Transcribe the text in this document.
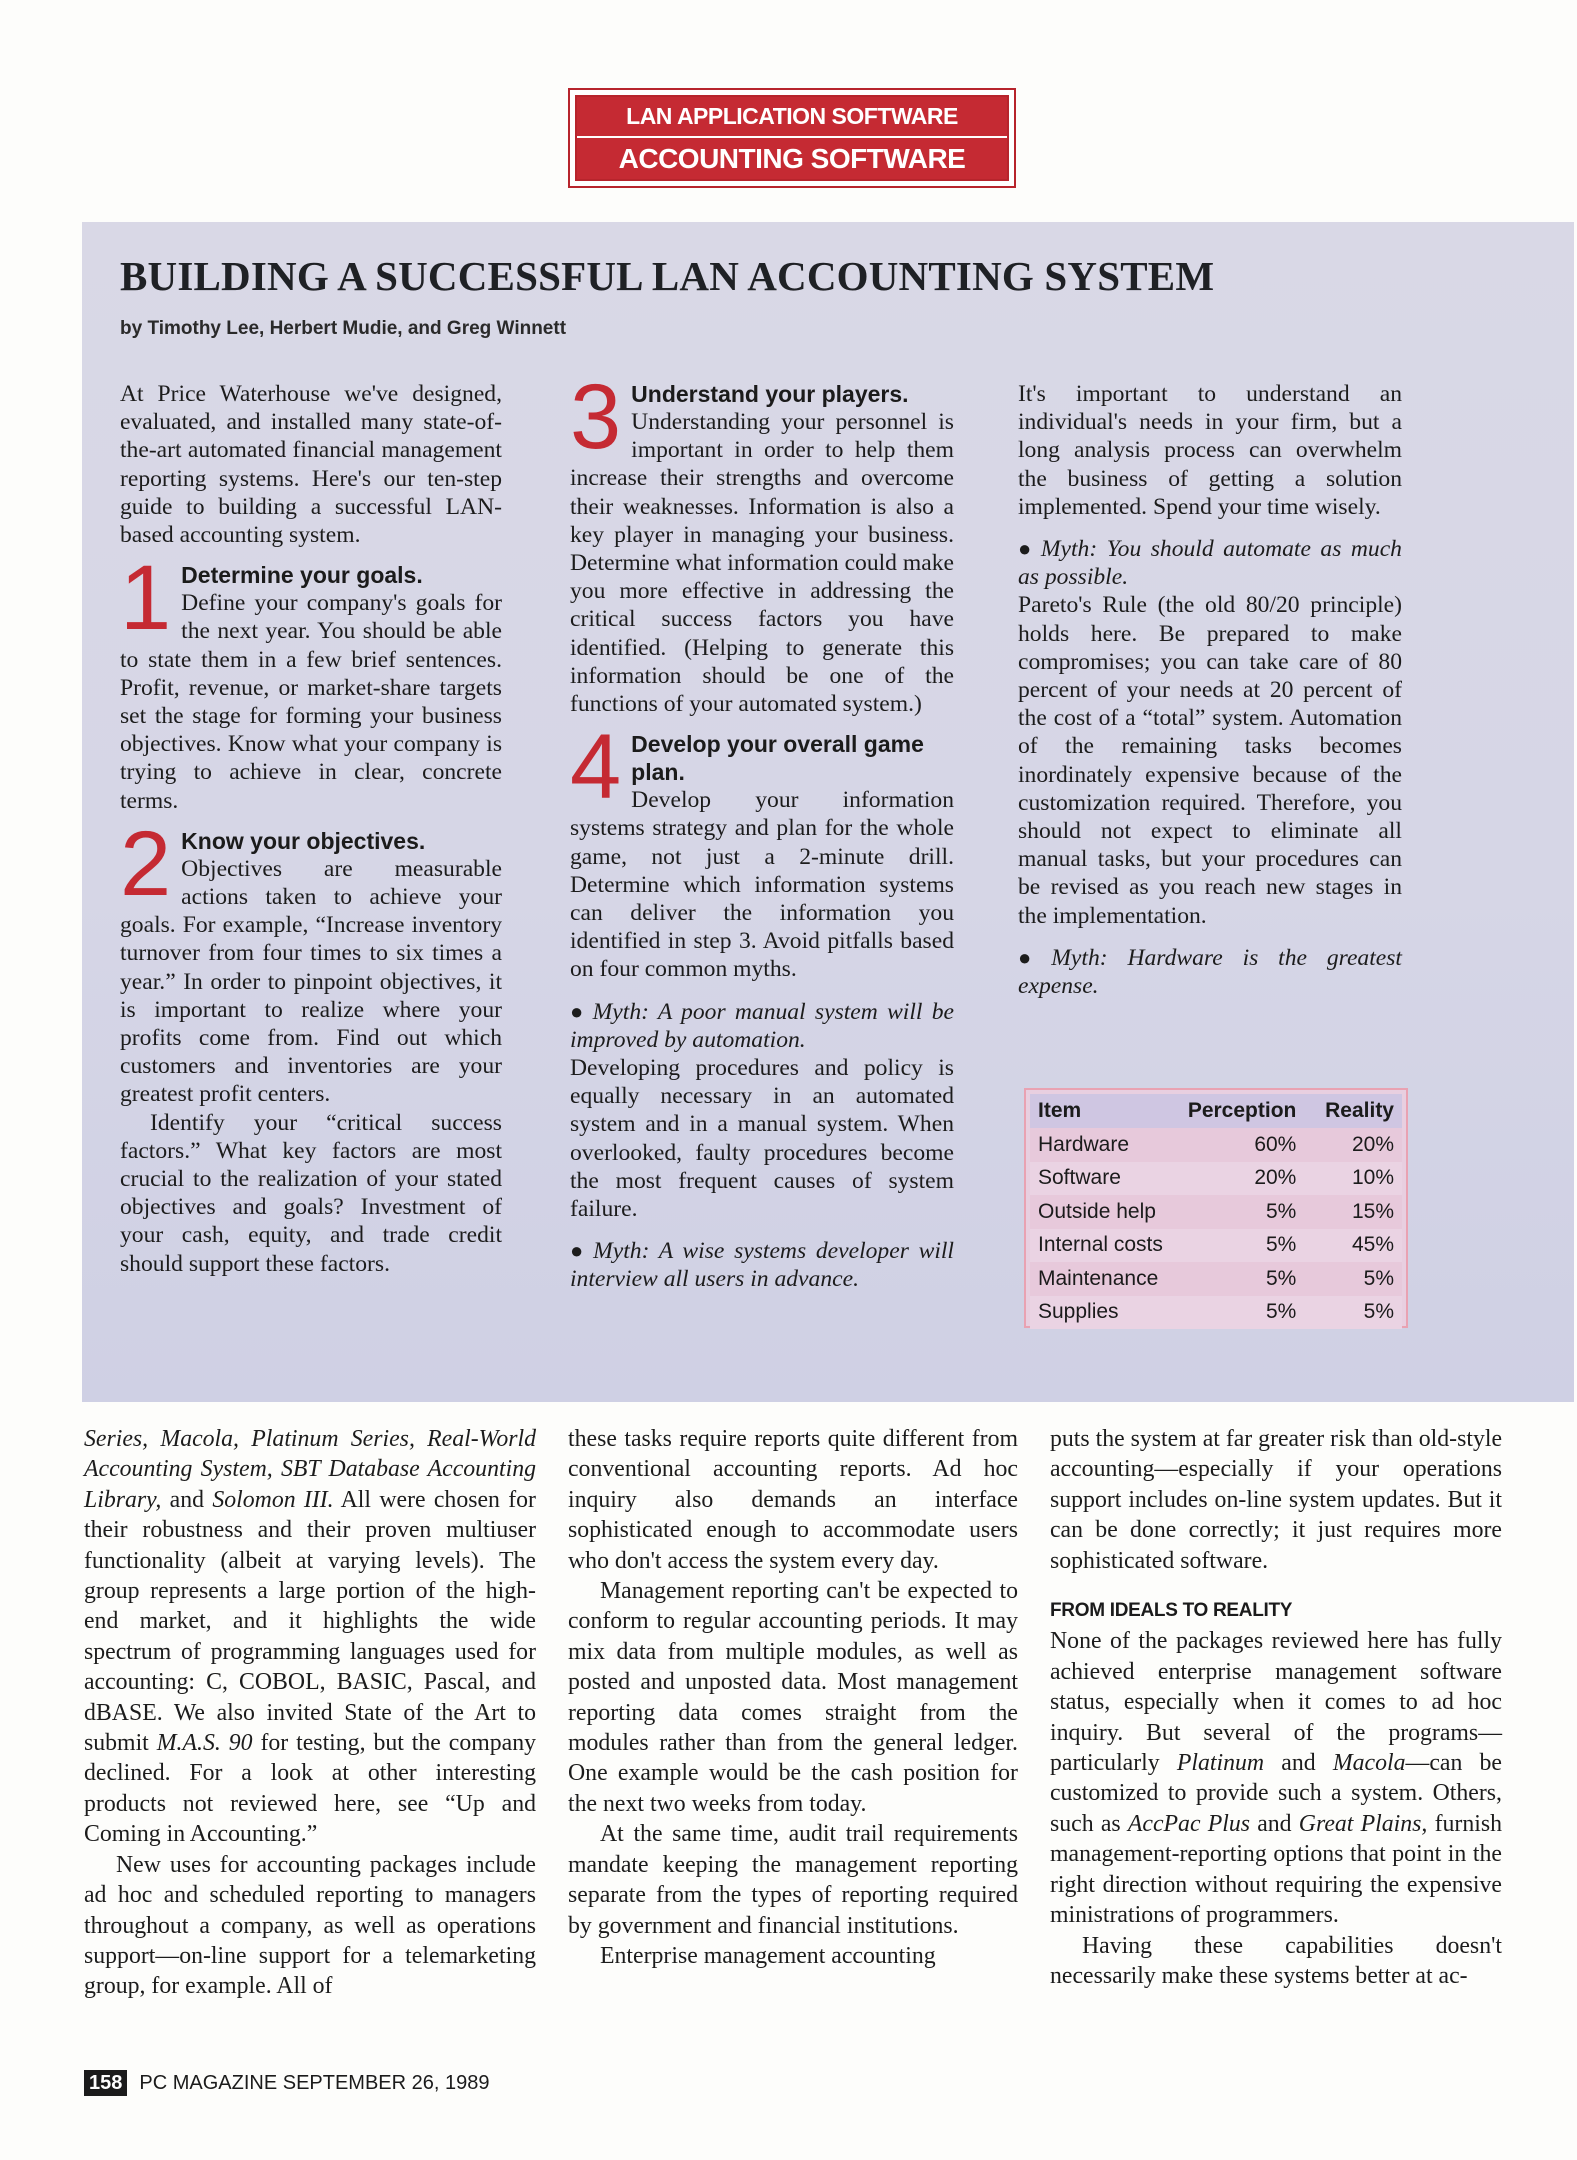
LAN APPLICATION SOFTWARE
ACCOUNTING SOFTWARE
BUILDING A SUCCESSFUL LAN ACCOUNTING SYSTEM
by Timothy Lee, Herbert Mudie, and Greg Winnett

At Price Waterhouse we've designed, evaluated, and installed many state-of-the-art automated financial management reporting systems. Here's our ten-step guide to building a successful LAN-based accounting system.

1 Determine your goals.

Define your company's goals for the next year. You should be able to state them in a few brief sentences. Profit, revenue, or market-share targets set the stage for forming your business objectives. Know what your company is trying to achieve in clear, concrete terms.

2 Know your objectives.

Objectives are measurable actions taken to achieve your goals. For example, “Increase inventory turnover from four times to six times a year.” In order to pinpoint objectives, it is important to realize where your profits come from. Find out which customers and inventories are your greatest profit centers.

Identify your “critical success factors.” What key factors are most crucial to the realization of your stated objectives and goals? Investment of your cash, equity, and trade credit should support these factors.

3 Understand your players.

Understanding your personnel is important in order to help them increase their strengths and overcome their weaknesses. Information is also a key player in managing your business. Determine what information could make you more effective in addressing the critical success factors you have identified. (Helping to generate this information should be one of the functions of your automated system.)

4 Develop your overall game plan.

Develop your information systems strategy and plan for the whole game, not just a 2-minute drill. Determine which information systems can deliver the information you identified in step 3. Avoid pitfalls based on four common myths.

● Myth: A poor manual system will be improved by automation.

Developing procedures and policy is equally necessary in an automated system and in a manual system. When overlooked, faulty procedures become the most frequent causes of system failure.

● Myth: A wise systems developer will interview all users in advance.

It's important to understand an individual's needs in your firm, but a long analysis process can overwhelm the business of getting a solution implemented. Spend your time wisely.

● Myth: You should automate as much as possible.

Pareto's Rule (the old 80/20 principle) holds here. Be prepared to make compromises; you can take care of 80 percent of your needs at 20 percent of the cost of a “total” system. Automation of the remaining tasks becomes inordinately expensive because of the customization required. Therefore, you should not expect to eliminate all manual tasks, but your procedures can be revised as you reach new stages in the implementation.

● Myth: Hardware is the greatest expense.
Item	Perception	Reality
Hardware	60%	20%
Software	20%	10%
Outside help	5%	15%
Internal costs	5%	45%
Maintenance	5%	5%
Supplies	5%	5%

Series, Macola, Platinum Series, Real-World Accounting System, SBT Database Accounting Library, and Solomon III. All were chosen for their robustness and their proven multiuser functionality (albeit at varying levels). The group represents a large portion of the high-end market, and it highlights the wide spectrum of programming languages used for accounting: C, COBOL, BASIC, Pascal, and dBASE. We also invited State of the Art to submit M.A.S. 90 for testing, but the company declined. For a look at other interesting products not reviewed here, see “Up and Coming in Accounting.”

New uses for accounting packages include ad hoc and scheduled reporting to managers throughout a company, as well as operations support—on-line support for a telemarketing group, for example. All of

these tasks require reports quite different from conventional accounting reports. Ad hoc inquiry also demands an interface sophisticated enough to accommodate users who don't access the system every day.

Management reporting can't be expected to conform to regular accounting periods. It may mix data from multiple modules, as well as posted and unposted data. Most management reporting data comes straight from the modules rather than from the general ledger. One example would be the cash position for the next two weeks from today.

At the same time, audit trail requirements mandate keeping the management reporting separate from the types of reporting required by government and financial institutions.

Enterprise management accounting

puts the system at far greater risk than old-style accounting—especially if your operations support includes on-line system updates. But it can be done correctly; it just requires more sophisticated software.

FROM IDEALS TO REALITY

None of the packages reviewed here has fully achieved enterprise management software status, especially when it comes to ad hoc inquiry. But several of the programs—particularly Platinum and Macola—can be customized to provide such a system. Others, such as AccPac Plus and Great Plains, furnish management-reporting options that point in the right direction without requiring the expensive ministrations of programmers.

Having these capabilities doesn't necessarily make these systems better at ac-

158 PC MAGAZINE SEPTEMBER 26, 1989
